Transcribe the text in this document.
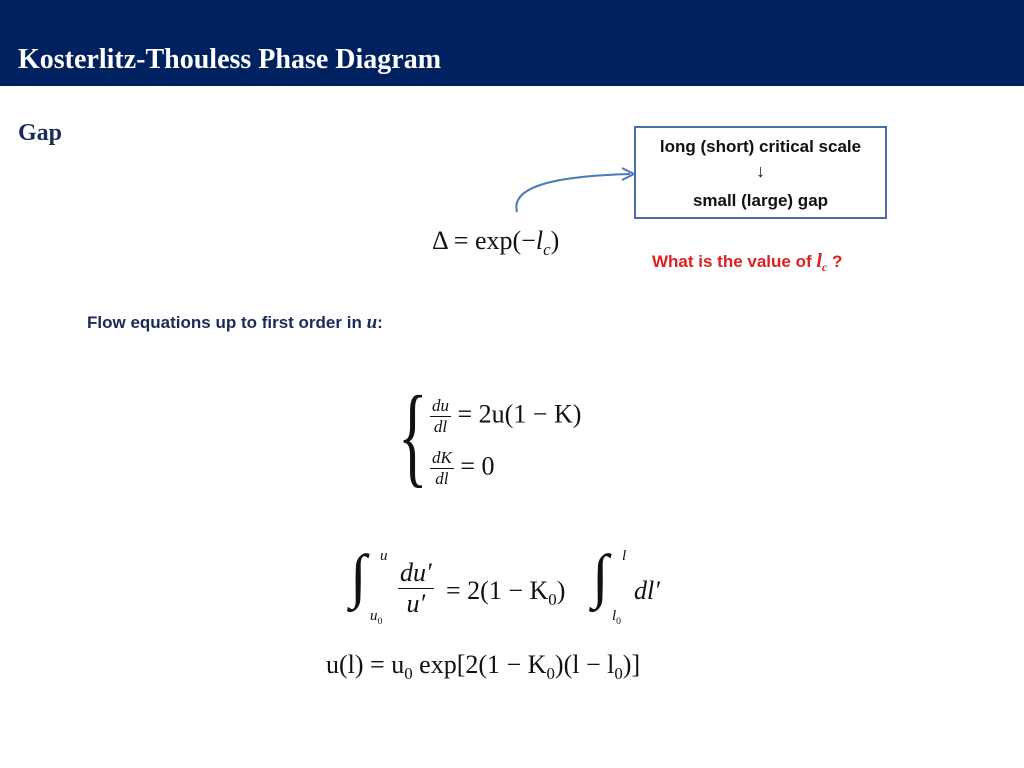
Kosterlitz-Thouless Phase Diagram
Gap
long (short) critical scale
↓
small (large) gap
What is the value of $l_c$ ?
$\Delta = \exp(-l_c)$
Flow equations up to first order in u:
{ $\frac{du}{dl} = 2u(1 - K)$
$\frac{dK}{dl} = 0$
∫ u
$u_0$
$\frac{du'}{u'} = 2(1 - K_0)$ ∫ l
$l_0$
dl′
$u(l) = u_0$ $\exp[2(1 - K_0)(l - l_0)]$
